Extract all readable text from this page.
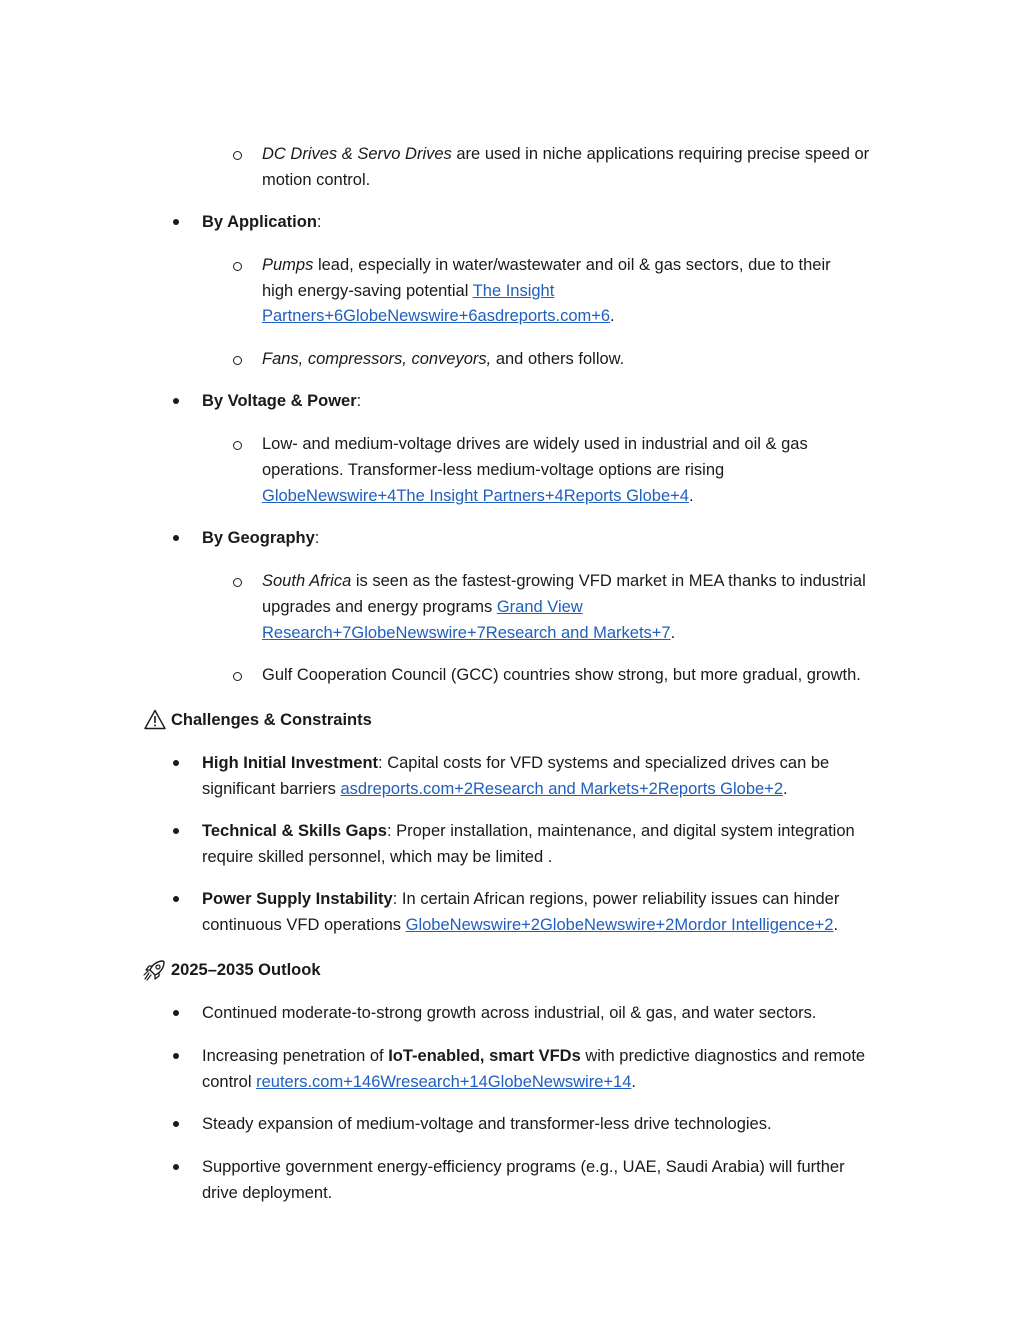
DC Drives & Servo Drives are used in niche applications requiring precise speed or
motion control.
By Application:
Pumps lead, especially in water/wastewater and oil & gas sectors, due to their
high energy-saving potential The Insight
Partners+6GlobeNewswire+6asdreports.com+6.
Fans, compressors, conveyors, and others follow.
By Voltage & Power:
Low- and medium-voltage drives are widely used in industrial and oil & gas
operations. Transformer-less medium-voltage options are rising
GlobeNewswire+4The Insight Partners+4Reports Globe+4.
By Geography:
South Africa is seen as the fastest-growing VFD market in MEA thanks to industrial
upgrades and energy programs Grand View
Research+7GlobeNewswire+7Research and Markets+7.
Gulf Cooperation Council (GCC) countries show strong, but more gradual, growth.
Challenges & Constraints
High Initial Investment: Capital costs for VFD systems and specialized drives can be
significant barriers asdreports.com+2Research and Markets+2Reports Globe+2.
Technical & Skills Gaps: Proper installation, maintenance, and digital system integration
require skilled personnel, which may be limited .
Power Supply Instability: In certain African regions, power reliability issues can hinder
continuous VFD operations GlobeNewswire+2GlobeNewswire+2Mordor Intelligence+2.
2025–2035 Outlook
Continued moderate-to-strong growth across industrial, oil & gas, and water sectors.
Increasing penetration of IoT-enabled, smart VFDs with predictive diagnostics and remote
control reuters.com+146Wresearch+14GlobeNewswire+14.
Steady expansion of medium-voltage and transformer-less drive technologies.
Supportive government energy-efficiency programs (e.g., UAE, Saudi Arabia) will further
drive deployment.
